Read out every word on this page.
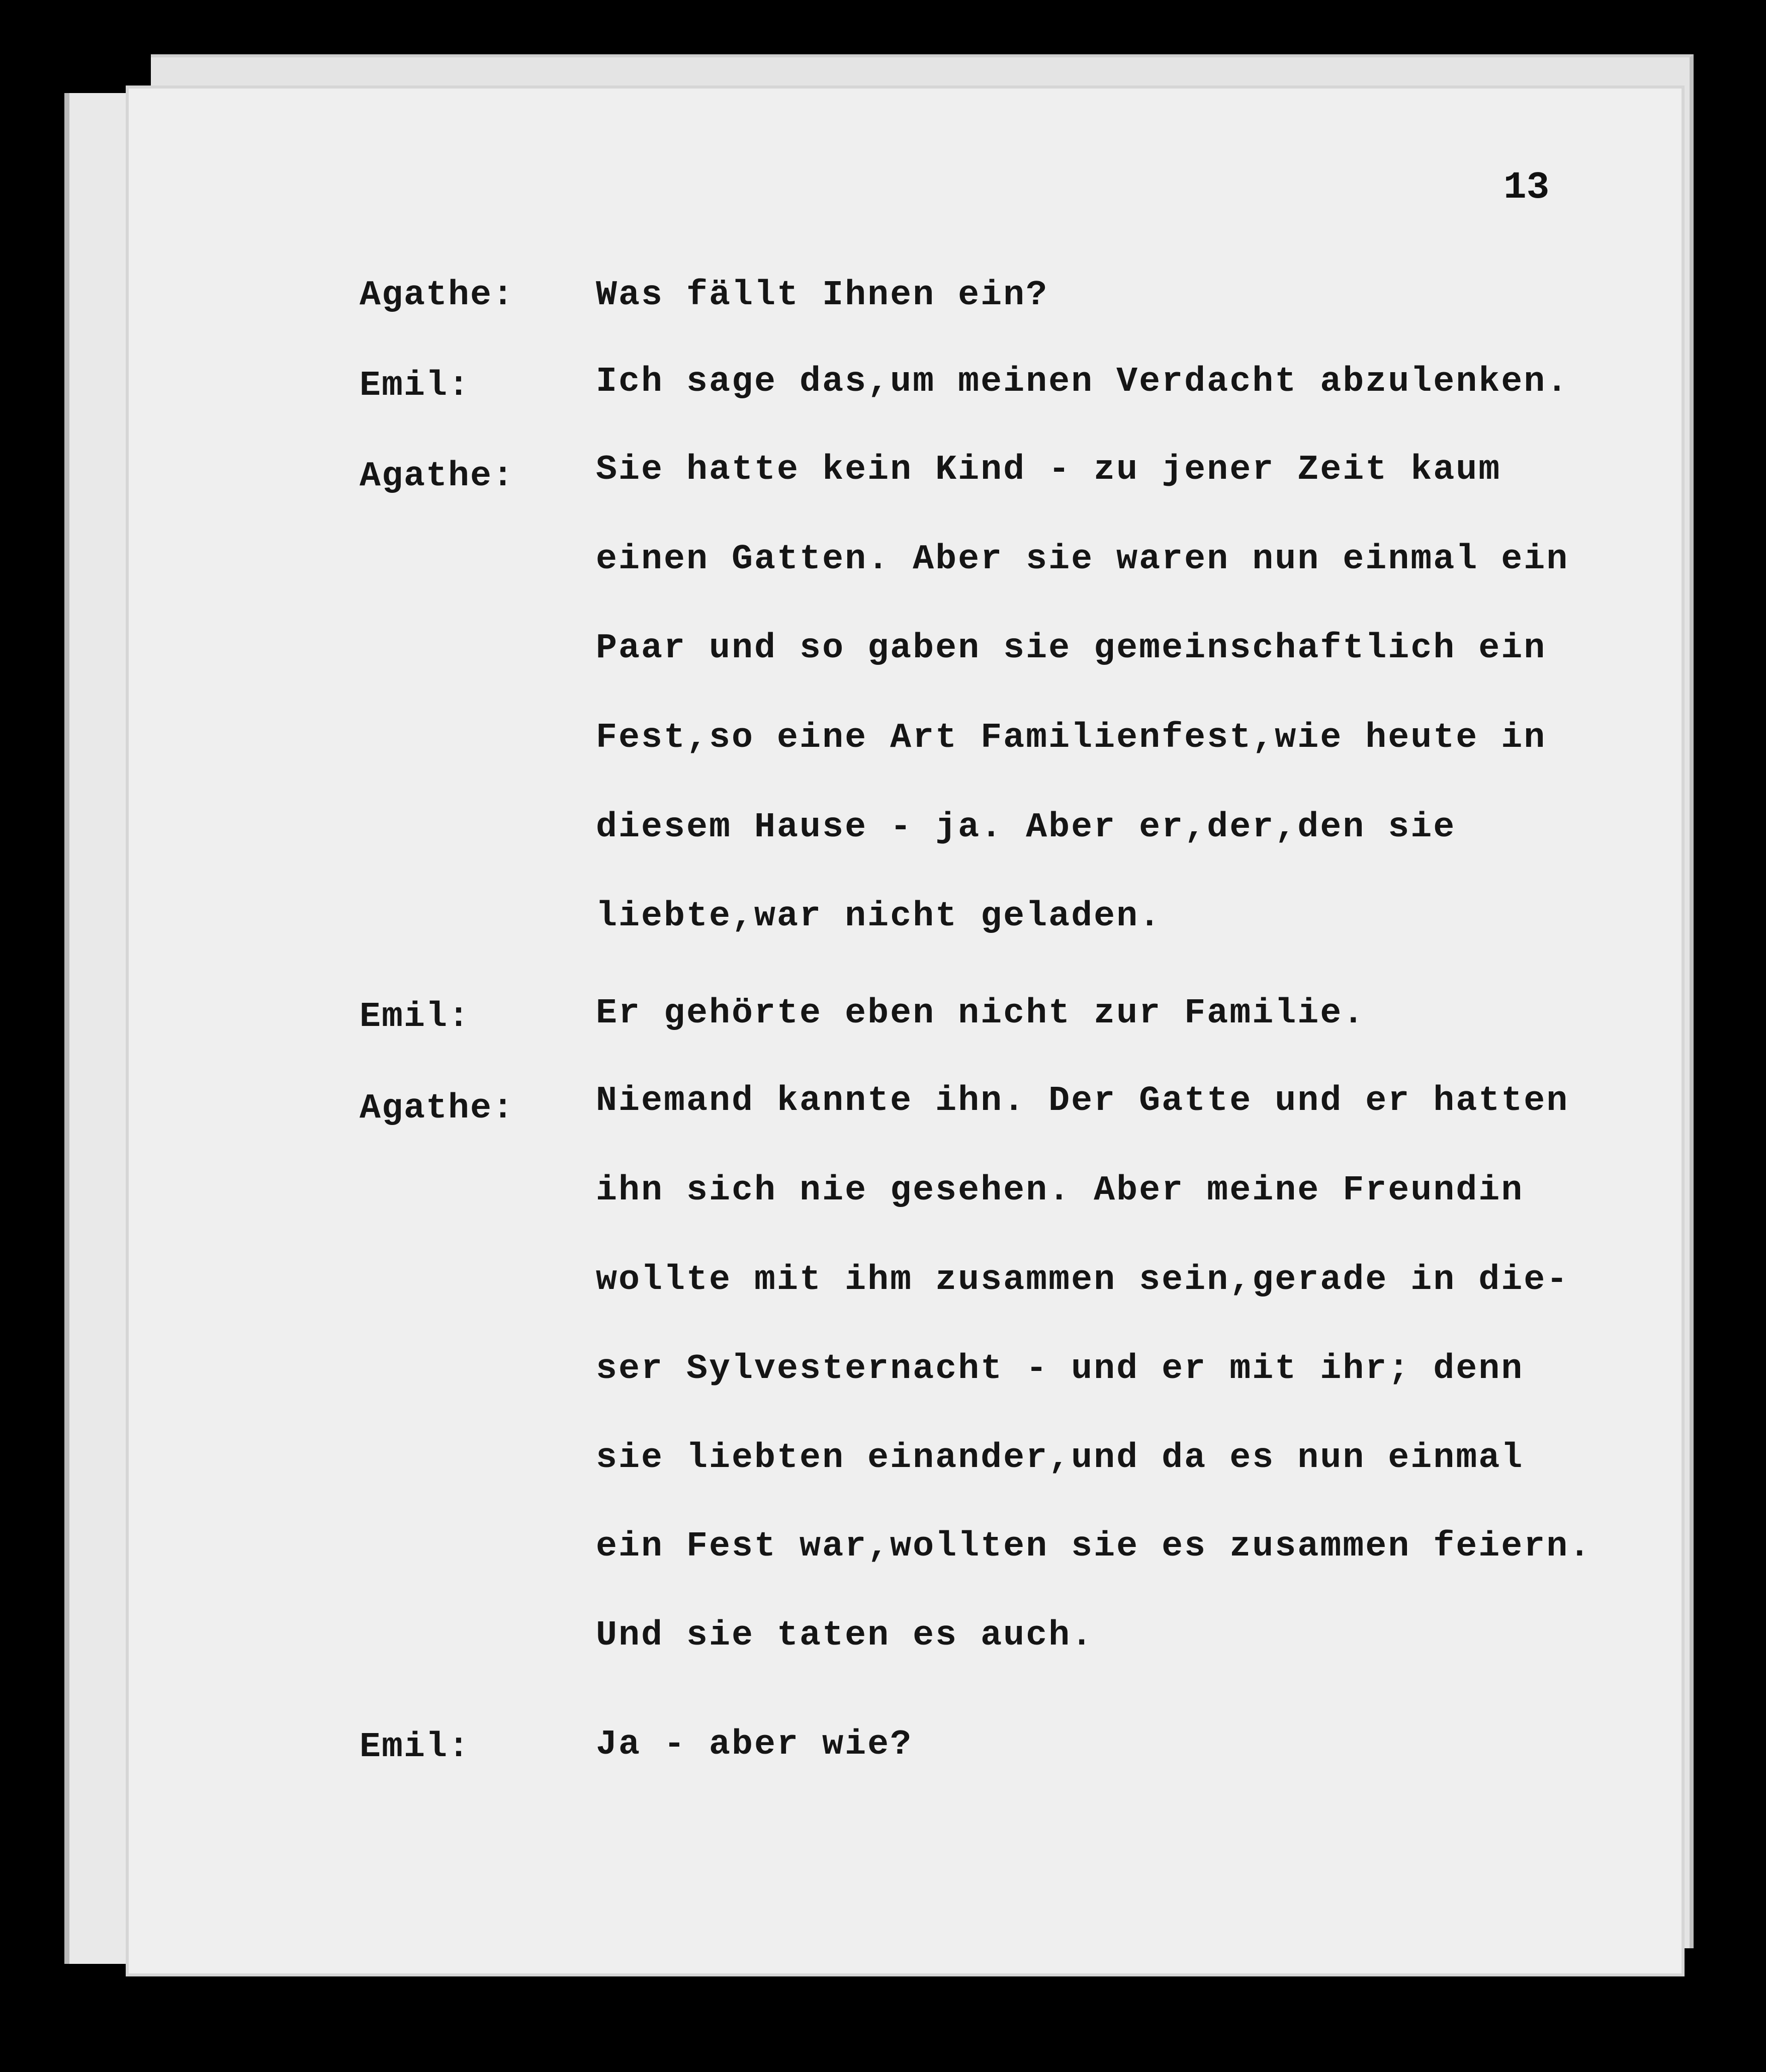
13
Agathe: Was fällt Ihnen ein?
Emil:	Ich sage das,um meinen Verdacht abzulenken.
Agathe: Sie hatte kein Kind - zu jener Zeit kaum
einen Gatten. Aber sie waren nun einmal ein
Paar und so gaben sie gemeinschaftlich ein
Fest,so eine Art Familienfest,wie heute in
diesem Hause - ja. Aber er,der,den sie
liebte,war nicht geladen.
Emil:	Er gehörte eben nicht zur Familie.
Agathe: Niemand kannte ihn. Der Gatte und er hatten
ihn sich nie gesehen. Aber meine Freundin
wollte mit ihm zusammen sein,gerade in die-
ser Sylvesternacht - und er mit ihr; denn
sie liebten einander,und da es nun einmal
ein Fest war,wollten sie es zusammen feiern.
Und sie taten es auch.
Emil:	Ja - aber wie?
